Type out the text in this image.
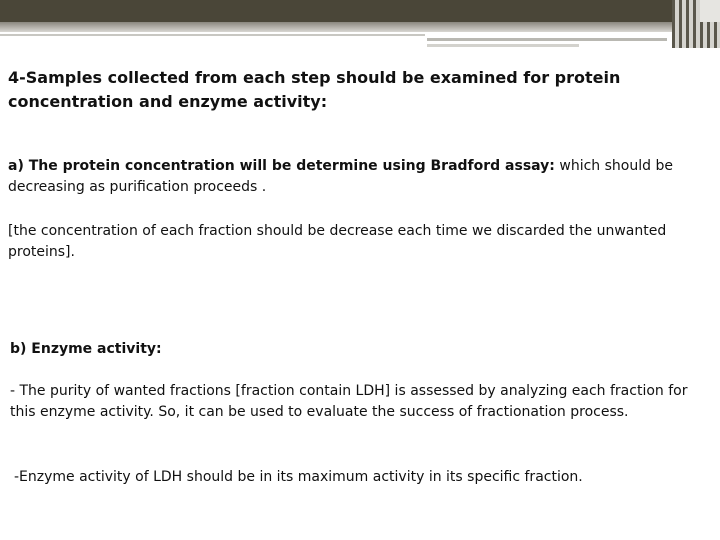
4-Samples collected from each step should be examined for protein concentration and enzyme activity:
a) The protein concentration will be determine using Bradford assay: which should be decreasing as purification proceeds .
[the concentration of each fraction should be decrease each time we discarded the unwanted proteins].
b) Enzyme activity:
- The purity of wanted fractions [fraction contain LDH] is assessed by analyzing each fraction for this enzyme activity. So, it can be used to evaluate the success of fractionation process.
-Enzyme activity of LDH should be in its maximum activity in its specific fraction.
